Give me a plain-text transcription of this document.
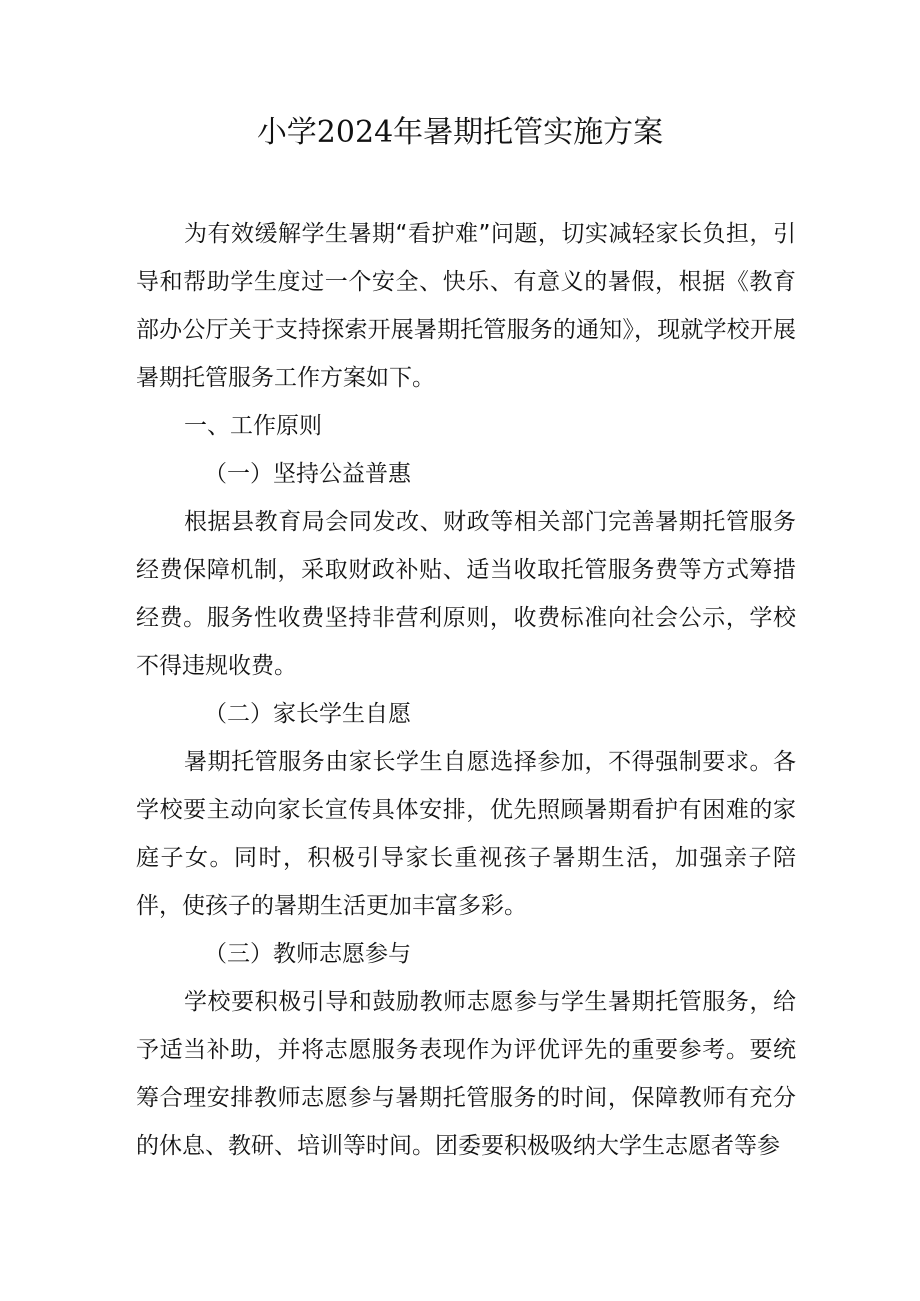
小学2024年暑期托管实施方案

为有效缓解学生暑期“看护难”问题，切实减轻家长负担，引导和帮助学生度过一个安全、快乐、有意义的暑假，根据《教育部办公厅关于支持探索开展暑期托管服务的通知》，现就学校开展暑期托管服务工作方案如下。

一、工作原则
（一）坚持公益普惠

根据县教育局会同发改、财政等相关部门完善暑期托管服务经费保障机制，采取财政补贴、适当收取托管服务费等方式筹措经费。服务性收费坚持非营利原则，收费标准向社会公示，学校不得违规收费。

（二）家长学生自愿

暑期托管服务由家长学生自愿选择参加，不得强制要求。各学校要主动向家长宣传具体安排，优先照顾暑期看护有困难的家庭子女。同时，积极引导家长重视孩子暑期生活，加强亲子陪伴，使孩子的暑期生活更加丰富多彩。

（三）教师志愿参与

学校要积极引导和鼓励教师志愿参与学生暑期托管服务，给予适当补助，并将志愿服务表现作为评优评先的重要参考。要统筹合理安排教师志愿参与暑期托管服务的时间，保障教师有充分的休息、教研、培训等时间。团委要积极吸纳大学生志愿者等参
